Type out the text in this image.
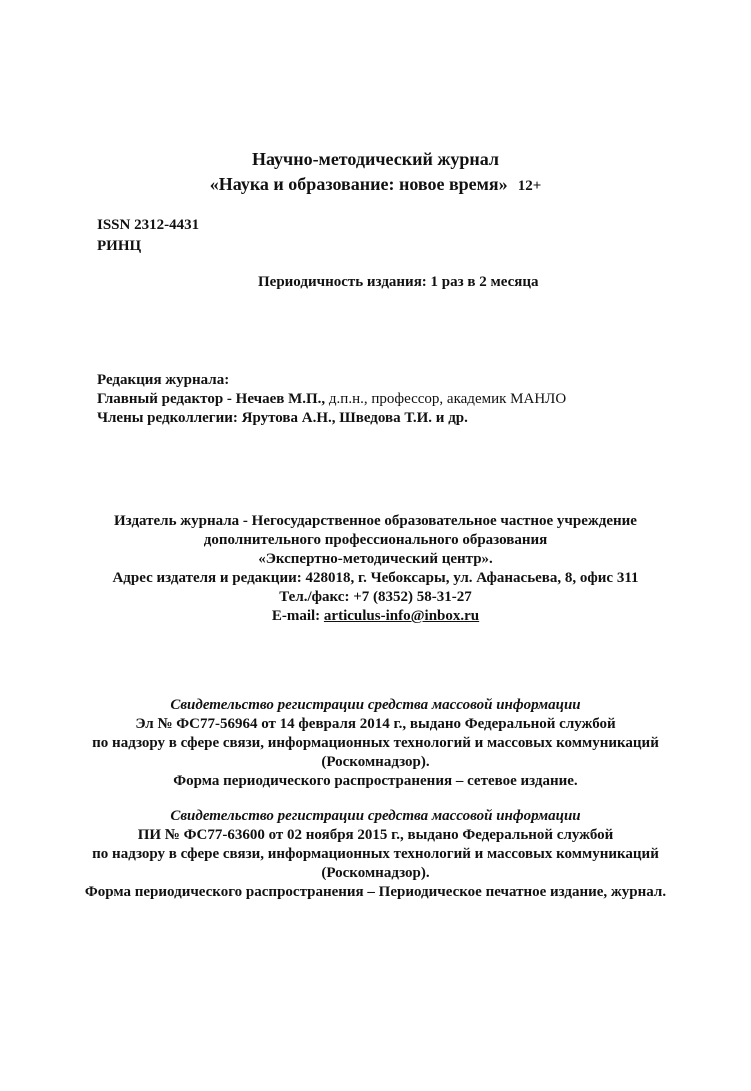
Научно-методический журнал
«Наука и образование: новое время» 12+
ISSN 2312-4431
РИНЦ
Периодичность издания: 1 раз в 2 месяца
Редакция журнала:
Главный редактор - Нечаев М.П., д.п.н., профессор, академик МАНЛО
Члены редколлегии: Ярутова А.Н., Шведова Т.И. и др.
Издатель журнала - Негосударственное образовательное частное учреждение
дополнительного профессионального образования
«Экспертно-методический центр».
Адрес издателя и редакции: 428018, г. Чебоксары, ул. Афанасьева, 8, офис 311
Тел./факс: +7 (8352) 58-31-27
E-mail: articulus-info@inbox.ru
Свидетельство регистрации средства массовой информации
Эл № ФС77-56964 от 14 февраля 2014 г., выдано Федеральной службой
по надзору в сфере связи, информационных технологий и массовых коммуникаций
(Роскомнадзор).
Форма периодического распространения – сетевое издание.
Свидетельство регистрации средства массовой информации
ПИ № ФС77-63600 от 02 ноября 2015 г., выдано Федеральной службой
по надзору в сфере связи, информационных технологий и массовых коммуникаций
(Роскомнадзор).
Форма периодического распространения – Периодическое печатное издание, журнал.
